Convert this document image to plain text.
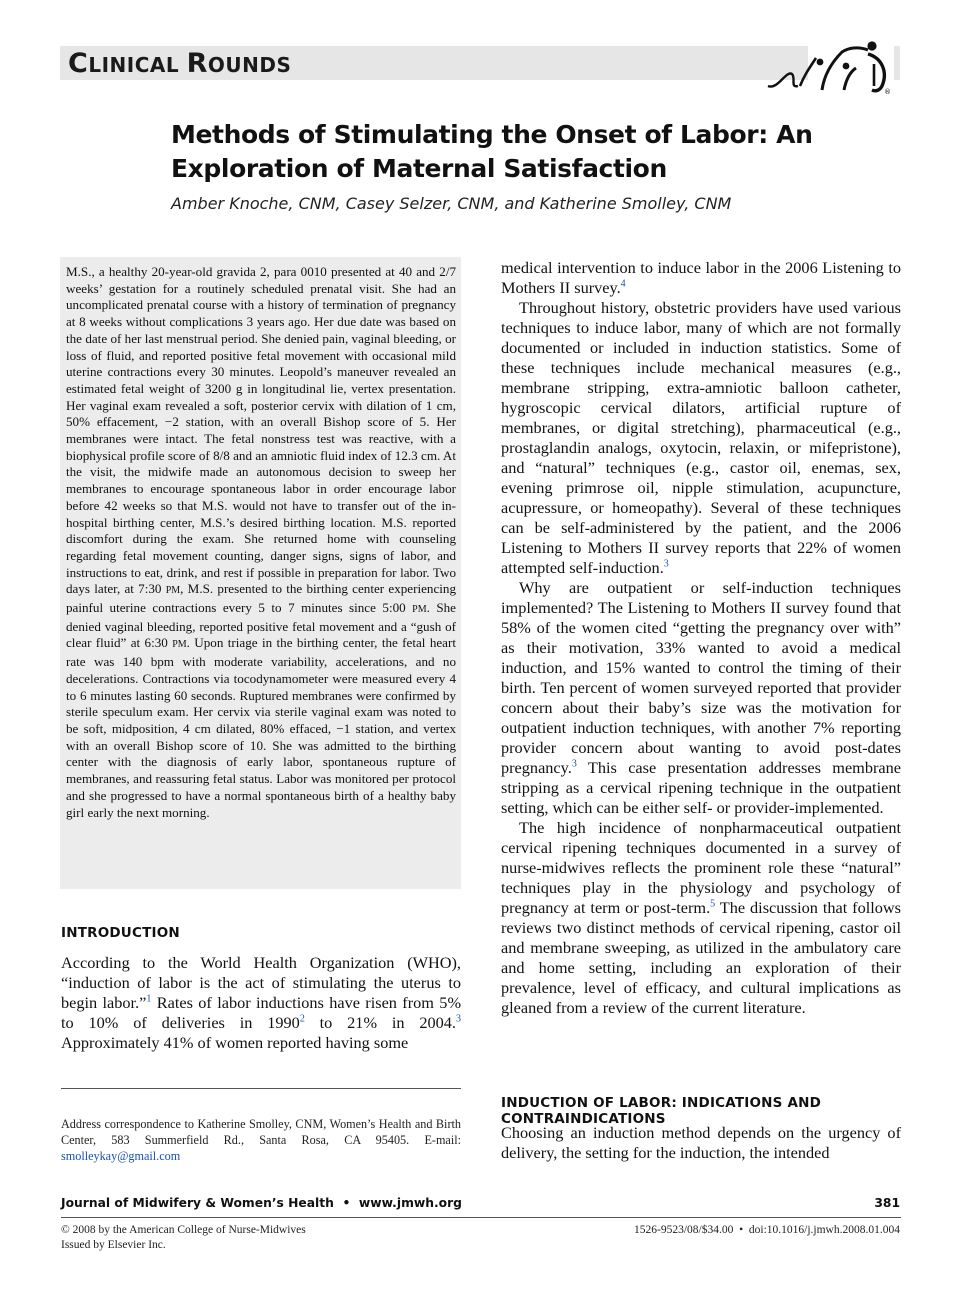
CLINICAL ROUNDS
®
Methods of Stimulating the Onset of Labor: An Exploration of Maternal Satisfaction
Amber Knoche, CNM, Casey Selzer, CNM, and Katherine Smolley, CNM

M.S., a healthy 20-year-old gravida 2, para 0010 presented at 40 and 2/7 weeks’ gestation for a routinely scheduled prenatal visit. She had an uncomplicated prenatal course with a history of termination of pregnancy at 8 weeks without complications 3 years ago. Her due date was based on the date of her last menstrual period. She denied pain, vaginal bleeding, or loss of fluid, and reported positive fetal movement with occasional mild uterine contractions every 30 minutes. Leopold’s maneuver revealed an estimated fetal weight of 3200 g in longitudinal lie, vertex presentation. Her vaginal exam revealed a soft, posterior cervix with dilation of 1 cm, 50% effacement, −2 station, with an overall Bishop score of 5. Her membranes were intact. The fetal nonstress test was reactive, with a biophysical profile score of 8/8 and an amniotic fluid index of 12.3 cm. At the visit, the midwife made an autonomous decision to sweep her membranes to encourage spontaneous labor in order encourage labor before 42 weeks so that M.S. would not have to transfer out of the in-hospital birthing center, M.S.’s desired birthing location. M.S. reported discomfort during the exam. She returned home with counseling regarding fetal movement counting, danger signs, signs of labor, and instructions to eat, drink, and rest if possible in preparation for labor. Two days later, at 7:30 PM, M.S. presented to the birthing center experiencing painful uterine contractions every 5 to 7 minutes since 5:00 PM. She denied vaginal bleeding, reported positive fetal movement and a “gush of clear fluid” at 6:30 PM. Upon triage in the birthing center, the fetal heart rate was 140 bpm with moderate variability, accelerations, and no decelerations. Contractions via tocodynamometer were measured every 4 to 6 minutes lasting 60 seconds. Ruptured membranes were confirmed by sterile speculum exam. Her cervix via sterile vaginal exam was noted to be soft, midposition, 4 cm dilated, 80% effaced, −1 station, and vertex with an overall Bishop score of 10. She was admitted to the birthing center with the diagnosis of early labor, spontaneous rupture of membranes, and reassuring fetal status. Labor was monitored per protocol and she progressed to have a normal spontaneous birth of a healthy baby girl early the next morning.

INTRODUCTION

According to the World Health Organization (WHO), “induction of labor is the act of stimulating the uterus to begin labor.”$^1$ Rates of labor inductions have risen from 5% to 10% of deliveries in 1990$^2$ to 21% in 2004.$^3$ Approximately 41% of women reported having some

medical intervention to induce labor in the 2006 Listening to Mothers II survey.$^4$

Throughout history, obstetric providers have used various techniques to induce labor, many of which are not formally documented or included in induction statistics. Some of these techniques include mechanical measures (e.g., membrane stripping, extra-amniotic balloon catheter, hygroscopic cervical dilators, artificial rupture of membranes, or digital stretching), pharmaceutical (e.g., prostaglandin analogs, oxytocin, relaxin, or mifepristone), and “natural” techniques (e.g., castor oil, enemas, sex, evening primrose oil, nipple stimulation, acupuncture, acupressure, or homeopathy). Several of these techniques can be self-administered by the patient, and the 2006 Listening to Mothers II survey reports that 22% of women attempted self-induction.$^3$

Why are outpatient or self-induction techniques implemented? The Listening to Mothers II survey found that 58% of the women cited “getting the pregnancy over with” as their motivation, 33% wanted to avoid a medical induction, and 15% wanted to control the timing of their birth. Ten percent of women surveyed reported that provider concern about their baby’s size was the motivation for outpatient induction techniques, with another 7% reporting provider concern about wanting to avoid post-dates pregnancy.$^3$ This case presentation addresses membrane stripping as a cervical ripening technique in the outpatient setting, which can be either self- or provider-implemented.

The high incidence of nonpharmaceutical outpatient cervical ripening techniques documented in a survey of nurse-midwives reflects the prominent role these “natural” techniques play in the physiology and psychology of pregnancy at term or post-term.$^5$ The discussion that follows reviews two distinct methods of cervical ripening, castor oil and membrane sweeping, as utilized in the ambulatory care and home setting, including an exploration of their prevalence, level of efficacy, and cultural implications as gleaned from a review of the current literature.

INDUCTION OF LABOR: INDICATIONS AND CONTRAINDICATIONS

Choosing an induction method depends on the urgency of delivery, the setting for the induction, the intended

Address correspondence to Katherine Smolley, CNM, Women’s Health and Birth Center, 583 Summerfield Rd., Santa Rosa, CA 95405. E-mail: smolleykay@gmail.com
Journal of Midwifery & Women’s Health • www.jmwh.org	381
© 2008 by the American College of Nurse-Midwives
Issued by Elsevier Inc.
1526-9523/08/$34.00 • doi:10.1016/j.jmwh.2008.01.004
